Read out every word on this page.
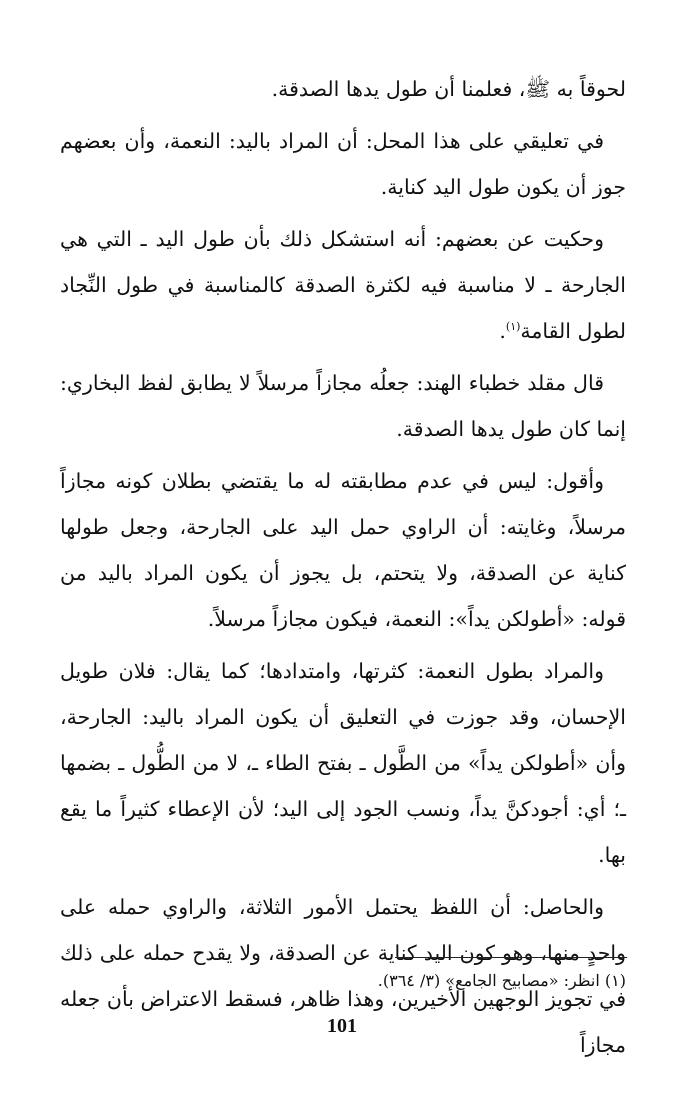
لحوقاً به ﷺ، فعلمنا أن طول يدها الصدقة.

في تعليقي على هذا المحل: أن المراد باليد: النعمة، وأن بعضهم جوز أن يكون طول اليد كناية.

وحكيت عن بعضهم: أنه استشكل ذلك بأن طول اليد ـ التي هي الجارحة ـ لا مناسبة فيه لكثرة الصدقة كالمناسبة في طول النِّجاد لطول القامة$^{(١)}$.

قال مقلد خطباء الهند: جعلُه مجازاً مرسلاً لا يطابق لفظ البخاري: إنما كان طول يدها الصدقة.

وأقول: ليس في عدم مطابقته له ما يقتضي بطلان كونه مجازاً مرسلاً، وغايته: أن الراوي حمل اليد على الجارحة، وجعل طولها كناية عن الصدقة، ولا يتحتم، بل يجوز أن يكون المراد باليد من قوله: «أطولكن يداً»: النعمة، فيكون مجازاً مرسلاً.

والمراد بطول النعمة: كثرتها، وامتدادها؛ كما يقال: فلان طويل الإحسان، وقد جوزت في التعليق أن يكون المراد باليد: الجارحة، وأن «أطولكن يداً» من الطَّول ـ بفتح الطاء ـ، لا من الطُّول ـ بضمها ـ؛ أي: أجودكنَّ يداً، ونسب الجود إلى اليد؛ لأن الإعطاء كثيراً ما يقع بها.

والحاصل: أن اللفظ يحتمل الأمور الثلاثة، والراوي حمله على واحدٍ منها، وهو كون اليد كناية عن الصدقة، ولا يقدح حمله على ذلك في تجويز الوجهين الأخيرين، وهذا ظاهر، فسقط الاعتراض بأن جعله مجازاً

(١) انظر: «مصابيح الجامع» (٣/ ٣٦٤).
101
